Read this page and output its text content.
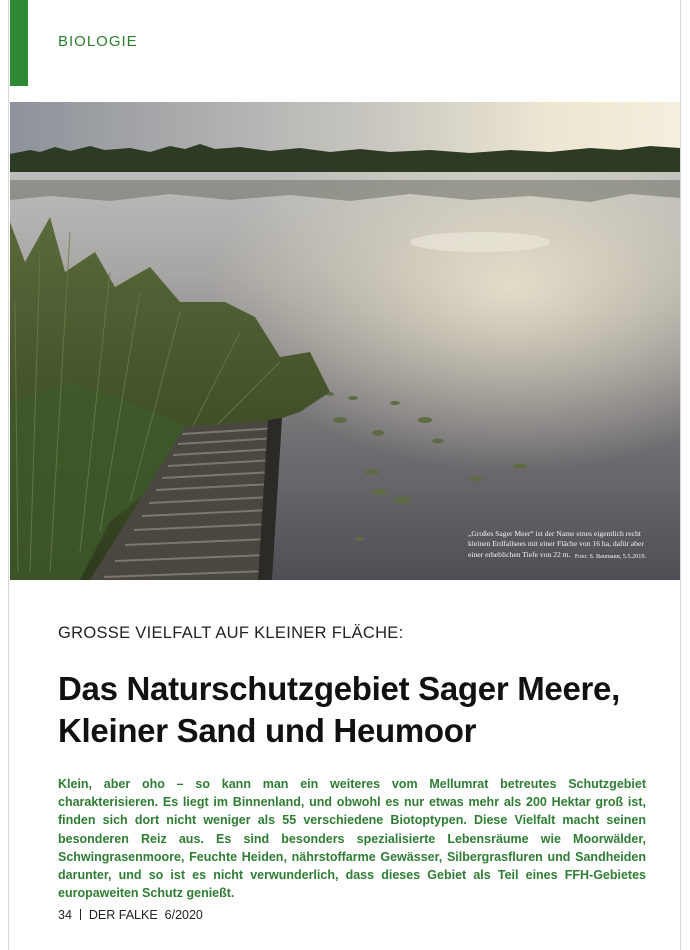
BIOLOGIE
„Großes Sager Meer“ ist der Name eines eigentlich recht kleinen Erdfallsees mit einer Fläche von 16 ha, dafür aber einer erheblichen Tiefe von 22 m. Foto: S. Baumann, 5.5.2019.
GROSSE VIELFALT AUF KLEINER FLÄCHE:
Das Naturschutzgebiet Sager Meere, Kleiner Sand und Heumoor

Klein, aber oho – so kann man ein weiteres vom Mellumrat betreutes Schutzgebiet charakterisieren. Es liegt im Binnenland, und obwohl es nur etwas mehr als 200 Hektar groß ist, finden sich dort nicht weniger als 55 verschiedene Biotoptypen. Diese Vielfalt macht seinen besonderen Reiz aus. Es sind besonders spezialisierte Lebensräume wie Moorwälder, Schwingrasenmoore, Feuchte Heiden, nährstoffarme Gewässer, Silbergrasfluren und Sandheiden darunter, und so ist es nicht verwunderlich, dass dieses Gebiet als Teil eines FFH-Gebietes europaweiten Schutz genießt.

34 DER FALKE 6/2020
